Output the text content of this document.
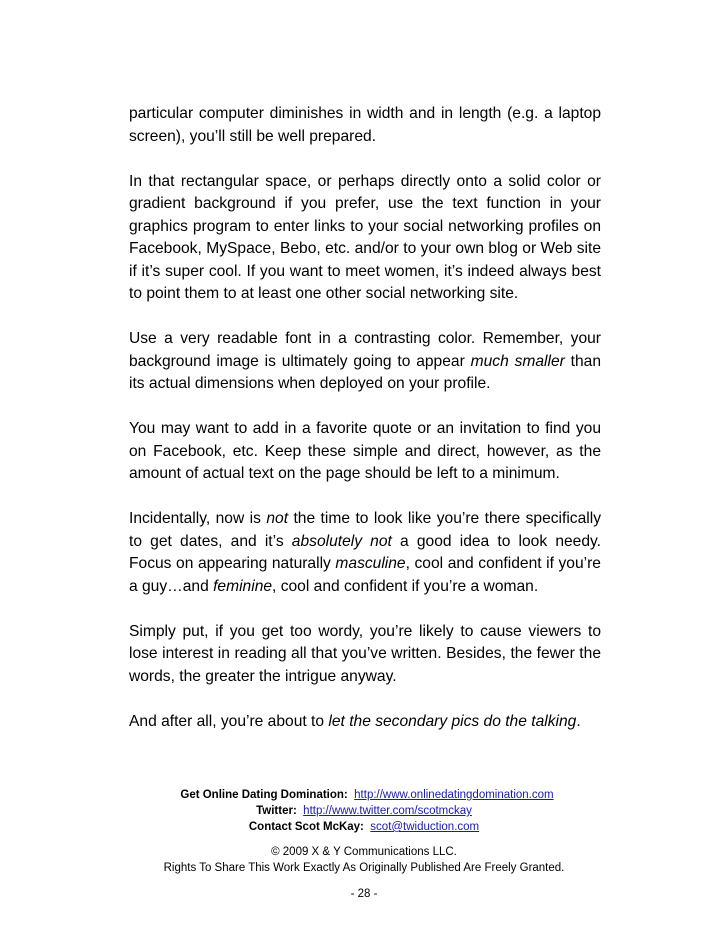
particular computer diminishes in width and in length (e.g. a laptop screen), you’ll still be well prepared.

In that rectangular space, or perhaps directly onto a solid color or gradient background if you prefer, use the text function in your graphics program to enter links to your social networking profiles on Facebook, MySpace, Bebo, etc. and/or to your own blog or Web site if it’s super cool. If you want to meet women, it’s indeed always best to point them to at least one other social networking site.

Use a very readable font in a contrasting color. Remember, your background image is ultimately going to appear much smaller than its actual dimensions when deployed on your profile.

You may want to add in a favorite quote or an invitation to find you on Facebook, etc. Keep these simple and direct, however, as the amount of actual text on the page should be left to a minimum.

Incidentally, now is not the time to look like you’re there specifically to get dates, and it’s absolutely not a good idea to look needy. Focus on appearing naturally masculine, cool and confident if you’re a guy…and feminine, cool and confident if you’re a woman.

Simply put, if you get too wordy, you’re likely to cause viewers to lose interest in reading all that you’ve written. Besides, the fewer the words, the greater the intrigue anyway.

And after all, you’re about to let the secondary pics do the talking.

Get Online Dating Domination: http://www.onlinedatingdomination.com
Twitter: http://www.twitter.com/scotmckay
Contact Scot McKay: scot@twiduction.com
© 2009 X & Y Communications LLC.
Rights To Share This Work Exactly As Originally Published Are Freely Granted.
- 28 -
